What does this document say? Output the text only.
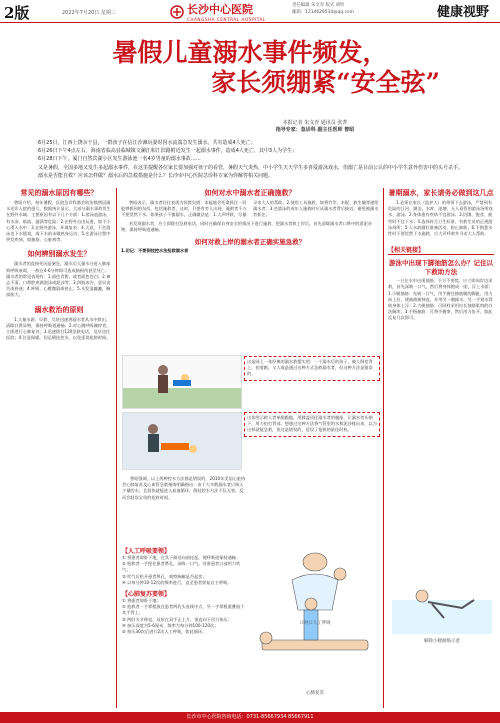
2版	2022年7月20日 星期三	长沙中心医院
CHANGSHA CENTRAL HOSPITAL
责任编辑 朱文青 版式 胡昕
邮箱：1214629534@qq.com	健康视野
暑假儿童溺水事件频发，
家长须绷紧“安全弦”
本报记者 朱文青 通讯员 张菁
指导专家：急诊科 副主任医师 曾昭
6月25日，江西上饶余干县，一群孩子在信江沙滩玩耍时因水流湍急发生溺水，共有造成4人死亡；
6月26日下午4点左右，海南省临高县临城镇文澜江和江滨路附近发生一起溺水事件，造成4人死亡，其中3人为学生；
6月28日下午，厦门自然宾湖小区发生游泳池一名4岁男童的溺水事故……
又是暑假，全国多地又发生多起溺水事件，在这里提醒各位家长要加强对孩子的看管，暑假天气炎热，中小学生天天学生多喜爱游泳戏水，但溺亡是目前公认的中小学生意外伤害中的头号杀手。
溺水是否能自救？应该怎样做？溺水后的急救措施是什么？长沙市中心医院急诊科专家为你解答相关问题。
常见的溺水原因有哪些？
曾昭介绍，每年暑假，医院急诊科都会收治数例因溺水送诊入院的患儿，数据统计显示，大部分溺水事故发生在野外水域。主要原因有以下几个方面：1.游泳池游泳，有水深、暗流、漩涡等危险；2.在野外自由玩耍，如不小心滑入水中；3.在野外游泳，环境复杂；4.大意，不会游泳也下水嬉戏，或下水前未做热身运动；5.在游泳过程中突发疾病，如抽筋、心脏病等。
如何辨别溺水发生？
溺水者的直接死因是窒息，溺水后大量水分进入肺部致呼吸衰竭，一般在4-6分钟即可造成脑损伤甚至死亡。溺水者的常见表现有：1.面色青紫，或者面色苍白；2.神志不清，口鼻腔充满泡沫或泥沙等；3.四肢冰冷，意识丧失或昏迷；4.呼吸、心跳微弱或停止；5.头发湿漉漉，胸部胀大。
溺水救治的原则
1.大量水源、早救、尽快迅速将溺水者从水中救出，清除口鼻异物，保持呼吸道通畅；2.对心跳呼吸骤停者，立即进行心肺复苏；3.迅速拨打120急救电话，及早送往医院；4.注意保暖，切忌倒挂控水，以免延误抢救时间。
如何对水中溺水者正确施救？
曾昭表示，溺水者往往表现为惊慌失措、本能地会死命抓住一切能够抓到的东西，包括施救者，这时，只要有旁人出现，施救者千万不要贸然下水。如果孩子不慎溺水，正确做法是：1.大声呼救，尽量寻求大人的帮助；2.使用工具施救，如将竹竿、木棍、救生圈等递给溺水者；3.会游泳的成年人施救时应从溺水者背后接近，避免被溺水者抓住。
若发现溺水者，应立即拨打急救电话，同时在确保自身安全的情况下进行施救，把溺水者救上岸后，首先清除溺水者口鼻中的淤泥杂物，保持呼吸道通畅。
如何对救上岸的溺水者正确实施急救？
1.切记：不要倒挂控水法抢救溺水者
这是网上一张经典的溺水救援实图：一个溺水后的孩子，被人倒挂背上，拍着跑，又人或是通过这种方式急救溺水者，但这种方法是错误的。
这张图示救人者单腿跪地，用膝盖顶住溺水者的腹部，让溺水者头朝下，用力拍打背部，想通过这种方法将气管里的水和泥沙排出来，以为这样就能急救，但这是错误的，延误了抢救的最佳时机。
曾昭强调，以上两种控水方法都是错误的，2010年美国心脏协会心肺复苏及心血管急救指南明确指出：由于大多数溺水者只吸入少量的水，且很快就能进入血液循环，倒挂控水方法不仅无效，反而会耽误宝贵的抢救时间。
【人工呼吸要领】
① 将患者仰卧于地，在其下颌处向前托起，使呼吸道保持通畅；
② 抢救者一手捏住患者鼻孔，深吸一口气，对准患者口部用力吹气；
③ 吹气后松开患者鼻孔，观察胸廓是否起伏；
④ 以每分钟10-12次的频率进行，直至患者恢复自主呼吸。
【心肺复苏要领】
① 将患者仰卧于地；
② 抢救者一手掌根放在患者两乳头连线中点，另一手掌根重叠放于其手背上；
③ 两肘关节伸直，双肩在双手正上方，垂直向下用力按压；
④ 按压深度为5-6厘米，频率为每分钟100-120次；
⑤ 按压30次后进行2次人工呼吸，如此循环。
口对口人工呼吸
心肺复苏
暑期溺水，家长请务必做到这几点
1.必须在家长（监护人）的带领下去游泳，严禁到有危险的江河、湖泊、水库、池塘、无人看管的游泳场所戏水、游泳；2.身体患有疾病不宜游泳；3.饥饿、饱食、疲劳时不宜下水；4.选择符合卫生标准、有救生员的正规游泳场所；5.入水前做好准备活动，防止抽筋；6.不熟悉水性时不要贸然下水施救，应大声呼救并寻求大人帮助。
【相关链接】
游泳中出现下脚抽筋怎么办？记住以下救助方法
一旦在水中出现抽筋，千万不要慌，应立即向岸边求救，首先深吸一口气，然后将身体抱成一团，浮上水面；1.小腿抽筋：先吸一口气，用手握住抽筋腿的脚趾，用力向上拉，使抽筋腿伸直，并用另一腿踩水，另一手划水帮助身体上浮；2.大腿抽筋：可同样采用拉长抽筋肌肉的办法解决；3.手指抽筋：可将手握拳，然后用力张开，如此反复几次即可。
解除小腿抽筋示意
长沙市中心医院咨询电话：0731-85667934 85667911
